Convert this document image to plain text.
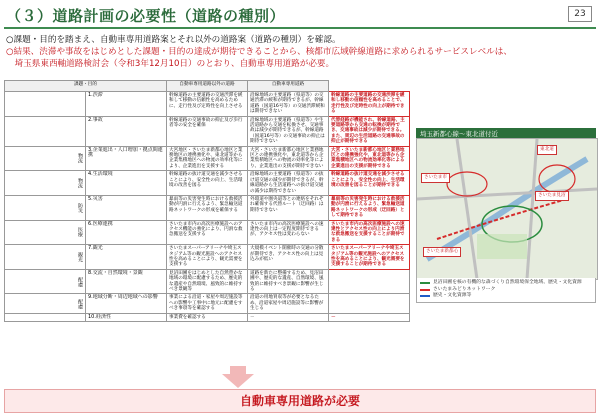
（３）道路計画の必要性（道路の種別）	23
○課題・目的を踏まえ、自動車専用道路案とそれ以外の道路案（道路の種別）を確認。
○結果、渋滞や事故をはじめとした課題・目的の達成が期待できることから、核都市広域幹線道路に求められるサービスレベルは、
　埼玉県東西軸道路検討会（令和3年12月10日）のとおり、自動車専用道路が必要。
課題・目的		自動車専用道路以外の道路	自動車専用道路	
	1.渋滞	幹線道路の主要道路の交通渋滞を緩和して移動の信頼性を高めるために、走行性及び定時性を向上させる	沿線地域の主要道路（県道等）の交通渋滞の緩和が期待できるが、幹線道路（国道16号等）の交通渋滞緩和は期待できない	幹線道路の主要道路の交通渋滞を緩和し移動の信頼性を高めることで、走行性及び定時性の向上が期待できる
	2.事故	幹線道路の交通事故の抑止及び歩行者等の安全を確保	沿線地域の主要道路（県道等）や生活道路から交通を転換させ、交通事故は減少が期待できるが、幹線道路（国道16号等）の交通事故の抑止は期待できない	代替経路が機能され、幹線道路、主要道路等から交通の転換が期待でき、交通事故は減少が期待できる。また、周辺の生活道路の交通事故の抑止が期待できる
物流	3.企業進出・人口増加・拠点間連携	大宮地区・さいたま新都心地区と業務地区の連携強化や、東北道等から企業集積地区への物流の効率化等により、企業進出を支援する	大宮・さいたま新都心地区と業務地区との連携強化や、東北道等から企業集積地区への物流の効率化等により、企業進出の支援が期待できない	大宮・さいたま新都心地区と業務地区との連携強化や、東北道等から企業集積地区への物流効率化等による企業進出の支援が期待できる
物流	4.生活環境	幹線道路の抜け道交通を減少させることにより、安全性の向上、生活環境の改善を図る	沿線地域の主要道路（県道等）の抜け道交通の減少が期待できるが、幹線道路から生活道路への抜け道交通の減少は期待できない	幹線道路の抜け道交通を減少させることにより、安全性の向上、生活環境の改善を図ることが期待できる
防災	5.災害	暴雨等の災害発生時における救援活動が円滑に行えるよう、緊急輸送道路ネットワークの形成を確保する	外環道や圏央道等との連絡をそれぞれ確保する代替ルート（迂回路）は期待できない	暴雨等の災害発生時における救援活動が円滑に行えるよう、緊急輸送道路ネットワークの形成（迂回路）として期待できる
医療	6.医療連携	さいたま市内の高次医療施設へのアクセス機能の強化により、円滑な救急搬送を支援する	さいたま市内の高次医療施設への速達性の向上は一定程度期待できるが、アクセス性は変わらない	さいたま市内の高次医療施設への速達性とアクセス性の向上により円滑な救急搬送を支援することが期待できる
観光	7.観光	さいたまスーパーアリーナや埼玉スタジアム等の観光施設へのアクセス性を高めることにより、観光需要を支援する	大規模イベント開催時の交通の分散が期待でき、アクセス性の向上は見込みが低い	さいたまスーパーアリーナや埼玉スタジアム等の観光施設へのアクセス性を高めることにより、観光需要を支援することが期待できる
配慮	8.交流・自然環境・景観	見沼田圃をはじめとした自然豊かな地域の環境に配慮するため、歴史的な遺産や自然環境、風致的に維持すべき景観等	道路を新たに整備するため、見沼田圃や、歴史的な遺産、自然環境、風致的に維持すべき景観に影響が生じる	
配慮	9.地域分断・周辺地域への影響	事業による沿道・家屋や周辺施設等への影響や工事中に地元に配慮をすべき事項等を確認する	沿道の用地買収等が必要となるため、沿道家屋や周辺施設等に影響が生じる	
	10.経済性	事業費を確認する	－	－
埼玉新都心線～東北道付近
さいたま市
東北道
さいたま見沼
さいたま新都心
見沼田圃を核の有機的な森づくり自然環境保全地域、歴史・文化資源
さいたまみどりネットワーク
歴史・文化資源等
自動車専用道路が必要
